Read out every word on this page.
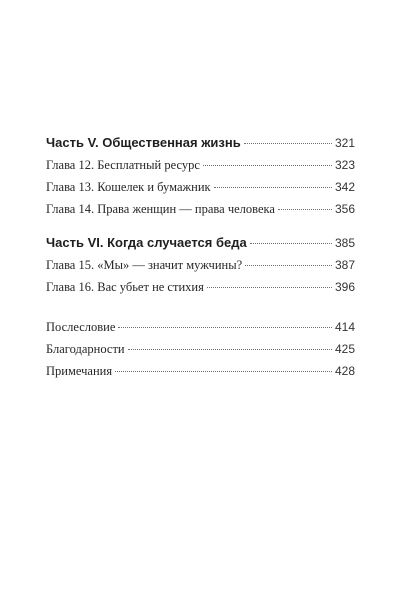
Часть V. Общественная жизнь	321
Глава 12. Бесплатный ресурс	323
Глава 13. Кошелек и бумажник	342
Глава 14. Права женщин — права человека	356
Часть VI. Когда случается беда	385
Глава 15. «Мы» — значит мужчины?	387
Глава 16. Вас убьет не стихия	396
Послесловие	414
Благодарности	425
Примечания	428
